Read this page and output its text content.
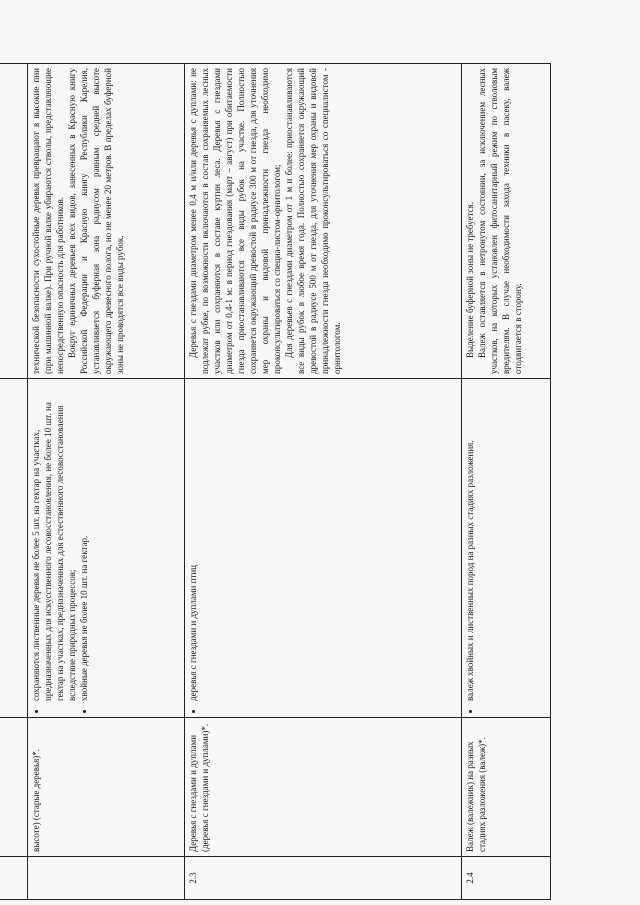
	высоте) (старые деревья)*.	
• сохраняются лиственные деревья не более 5 шт. на гектар на участках, предназначенных для искусственного лесовосстановления, не более 10 шт. на гектар на участках, предназначенных для естественного лесовосстановления вследствие природных процессов;
• хвойные деревья не более 10 шт. на гектар.

технической безопасности сухостойные деревья превращают в высокие пни (при машинной валке). При ручной валке убираются стволы, представляющие непосредственную опасность для работников. Вокруг единичных деревьев всех видов, занесенных в Красную книгу Российской Федерации и Красную книгу Республики Карелия, устанавливается буферная зона радиусом равным средней высоте окружающего древесного полога, но не менее 20 метров. В пределах буферной зоны не проводятся все виды рубок.

2.3	Деревья с гнездами и дуплами (деревья с гнездами и дуплами)*.	
• деревья с гнездами и дуплами птиц

Деревья с гнездами диаметром менее 0,4 м и/или деревья с дуплами: не подлежат рубке, по возможности включаются в состав сохраняемых лесных участков или сохраняются в составе куртин леса. Деревья с гнездами диаметром от 0,4-1 м: в период гнездования (март – август) при обитаемости гнезда приостанавливаются все виды рубок на участке. Полностью сохраняется окружающий древостой в радиусе 300 м от гнезда, для уточнения мер охраны и видовой принадлежности гнезда необходимо проконсультироваться со специа-листом-орнитологом; Для деревьев с гнездами диаметром от 1 м и более: приостанавливаются все виды рубок в любое время года. Полностью сохраняется окружающий древостой в радиусе 500 м от гнезда, для уточнения мер охраны и видовой принадлежности гнезда необходимо проконсультироваться со специалистом - орнитологом.

2.4	Валеж (валежник) на разных стадиях разложения (валеж)*.	
• валеж хвойных и лиственных пород на разных стадиях разложения.

Выделение буферной зоны не требуется. Валеж оставляется в нетронутом состоянии, за исключением лесных участков, на которых установлен фитосанитарный режим по стволовым вредителям. В случае необходимости захода техники в пасеку, валеж отодвигается в сторону.
